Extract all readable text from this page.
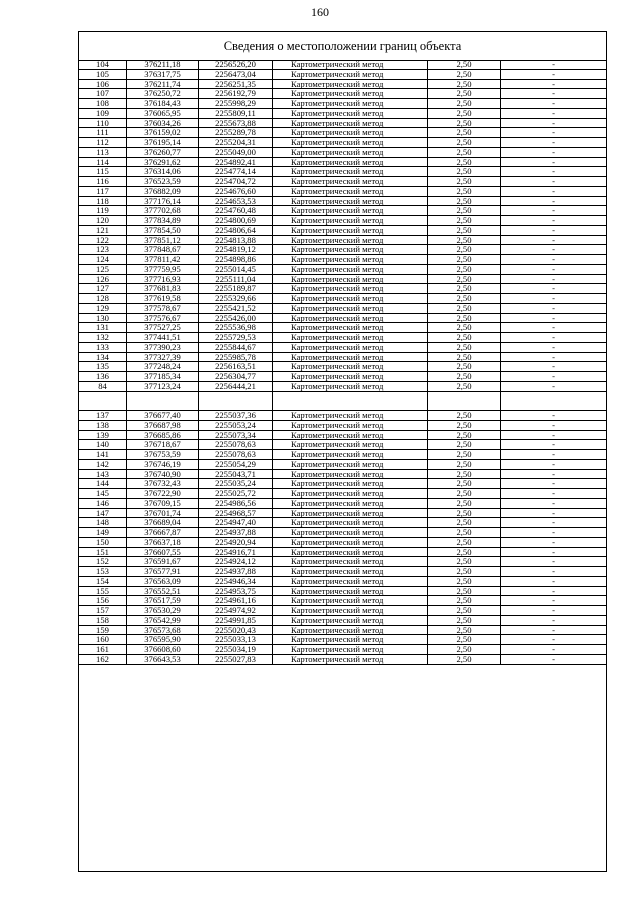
160
Сведения о местоположении границ объекта
104	376211,18	2256526,20	Картометрический метод	2,50	-
105	376317,75	2256473,04	Картометрический метод	2,50	-
106	376211,74	2256251,35	Картометрический метод	2,50	-
107	376250,72	2256192,79	Картометрический метод	2,50	-
108	376184,43	2255998,29	Картометрический метод	2,50	-
109	376065,95	2255809,11	Картометрический метод	2,50	-
110	376034,26	2255673,88	Картометрический метод	2,50	-
111	376159,02	2255289,78	Картометрический метод	2,50	-
112	376195,14	2255204,31	Картометрический метод	2,50	-
113	376260,77	2255049,00	Картометрический метод	2,50	-
114	376291,62	2254892,41	Картометрический метод	2,50	-
115	376314,06	2254774,14	Картометрический метод	2,50	-
116	376523,59	2254704,72	Картометрический метод	2,50	-
117	376882,09	2254676,60	Картометрический метод	2,50	-
118	377176,14	2254653,53	Картометрический метод	2,50	-
119	377702,68	2254760,48	Картометрический метод	2,50	-
120	377834,89	2254800,69	Картометрический метод	2,50	-
121	377854,50	2254806,64	Картометрический метод	2,50	-
122	377851,12	2254813,88	Картометрический метод	2,50	-
123	377848,67	2254819,12	Картометрический метод	2,50	-
124	377811,42	2254898,86	Картометрический метод	2,50	-
125	377759,95	2255014,45	Картометрический метод	2,50	-
126	377716,93	2255111,04	Картометрический метод	2,50	-
127	377681,83	2255189,87	Картометрический метод	2,50	-
128	377619,58	2255329,66	Картометрический метод	2,50	-
129	377578,67	2255421,52	Картометрический метод	2,50	-
130	377576,67	2255426,00	Картометрический метод	2,50	-
131	377527,25	2255536,98	Картометрический метод	2,50	-
132	377441,51	2255729,53	Картометрический метод	2,50	-
133	377390,23	2255844,67	Картометрический метод	2,50	-
134	377327,39	2255985,78	Картометрический метод	2,50	-
135	377248,24	2256163,51	Картометрический метод	2,50	-
136	377185,34	2256304,77	Картометрический метод	2,50	-
84	377123,24	2256444,21	Картометрический метод	2,50	-
137	376677,40	2255037,36	Картометрический метод	2,50	-
138	376687,98	2255053,24	Картометрический метод	2,50	-
139	376685,86	2255073,34	Картометрический метод	2,50	-
140	376718,67	2255078,63	Картометрический метод	2,50	-
141	376753,59	2255078,63	Картометрический метод	2,50	-
142	376746,19	2255054,29	Картометрический метод	2,50	-
143	376740,90	2255043,71	Картометрический метод	2,50	-
144	376732,43	2255035,24	Картометрический метод	2,50	-
145	376722,90	2255025,72	Картометрический метод	2,50	-
146	376709,15	2254986,56	Картометрический метод	2,50	-
147	376701,74	2254968,57	Картометрический метод	2,50	-
148	376689,04	2254947,40	Картометрический метод	2,50	-
149	376667,87	2254937,88	Картометрический метод	2,50	-
150	376637,18	2254920,94	Картометрический метод	2,50	-
151	376607,55	2254916,71	Картометрический метод	2,50	-
152	376591,67	2254924,12	Картометрический метод	2,50	-
153	376577,91	2254937,88	Картометрический метод	2,50	-
154	376563,09	2254946,34	Картометрический метод	2,50	-
155	376552,51	2254953,75	Картометрический метод	2,50	-
156	376517,59	2254961,16	Картометрический метод	2,50	-
157	376530,29	2254974,92	Картометрический метод	2,50	-
158	376542,99	2254991,85	Картометрический метод	2,50	-
159	376573,68	2255020,43	Картометрический метод	2,50	-
160	376595,90	2255033,13	Картометрический метод	2,50	-
161	376608,60	2255034,19	Картометрический метод	2,50	-
162	376643,53	2255027,83	Картометрический метод	2,50	-
